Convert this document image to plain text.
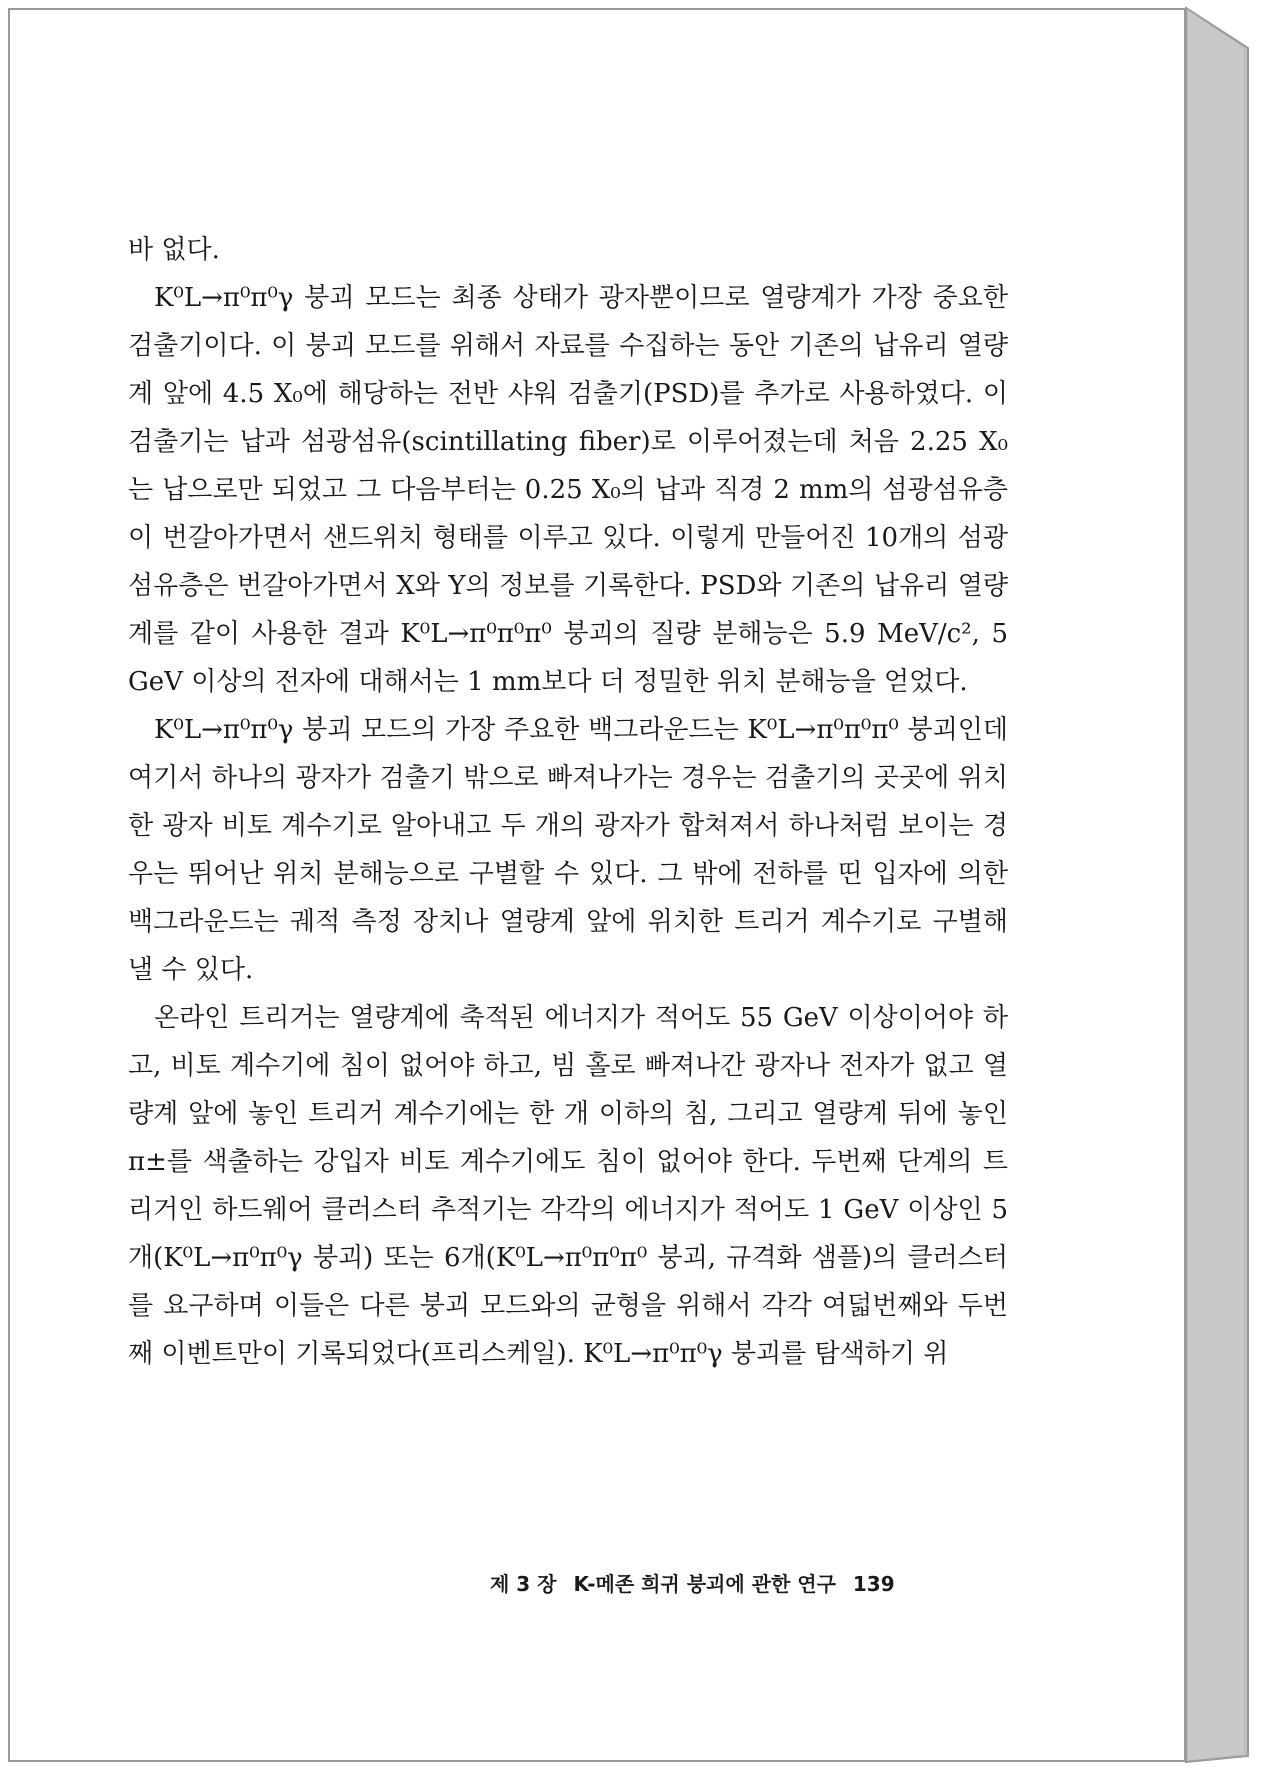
바 없다.

K⁰L→π⁰π⁰γ 붕괴 모드는 최종 상태가 광자뿐이므로 열량계가 가장 중요한 검출기이다. 이 붕괴 모드를 위해서 자료를 수집하는 동안 기존의 납유리 열량계 앞에 4.5 X₀에 해당하는 전반 샤워 검출기(PSD)를 추가로 사용하였다. 이 검출기는 납과 섬광섬유(scintillating fiber)로 이루어졌는데 처음 2.25 X₀는 납으로만 되었고 그 다음부터는 0.25 X₀의 납과 직경 2 mm의 섬광섬유층이 번갈아가면서 샌드위치 형태를 이루고 있다. 이렇게 만들어진 10개의 섬광섬유층은 번갈아가면서 X와 Y의 정보를 기록한다. PSD와 기존의 납유리 열량계를 같이 사용한 결과 K⁰L→π⁰π⁰π⁰ 붕괴의 질량 분해능은 5.9 MeV/c², 5 GeV 이상의 전자에 대해서는 1 mm보다 더 정밀한 위치 분해능을 얻었다.

K⁰L→π⁰π⁰γ 붕괴 모드의 가장 주요한 백그라운드는 K⁰L→π⁰π⁰π⁰ 붕괴인데 여기서 하나의 광자가 검출기 밖으로 빠져나가는 경우는 검출기의 곳곳에 위치한 광자 비토 계수기로 알아내고 두 개의 광자가 합쳐져서 하나처럼 보이는 경우는 뛰어난 위치 분해능으로 구별할 수 있다. 그 밖에 전하를 띤 입자에 의한 백그라운드는 궤적 측정 장치나 열량계 앞에 위치한 트리거 계수기로 구별해 낼 수 있다.

온라인 트리거는 열량계에 축적된 에너지가 적어도 55 GeV 이상이어야 하고, 비토 계수기에 침이 없어야 하고, 빔 홀로 빠져나간 광자나 전자가 없고 열량계 앞에 놓인 트리거 계수기에는 한 개 이하의 침, 그리고 열량계 뒤에 놓인 π±를 색출하는 강입자 비토 계수기에도 침이 없어야 한다. 두번째 단계의 트리거인 하드웨어 클러스터 추적기는 각각의 에너지가 적어도 1 GeV 이상인 5개(K⁰L→π⁰π⁰γ 붕괴) 또는 6개(K⁰L→π⁰π⁰π⁰ 붕괴, 규격화 샘플)의 클러스터를 요구하며 이들은 다른 붕괴 모드와의 균형을 위해서 각각 여덟번째와 두번째 이벤트만이 기록되었다(프리스케일). K⁰L→π⁰π⁰γ 붕괴를 탐색하기 위

제 3 장 K-메존 희귀 붕괴에 관한 연구 139
